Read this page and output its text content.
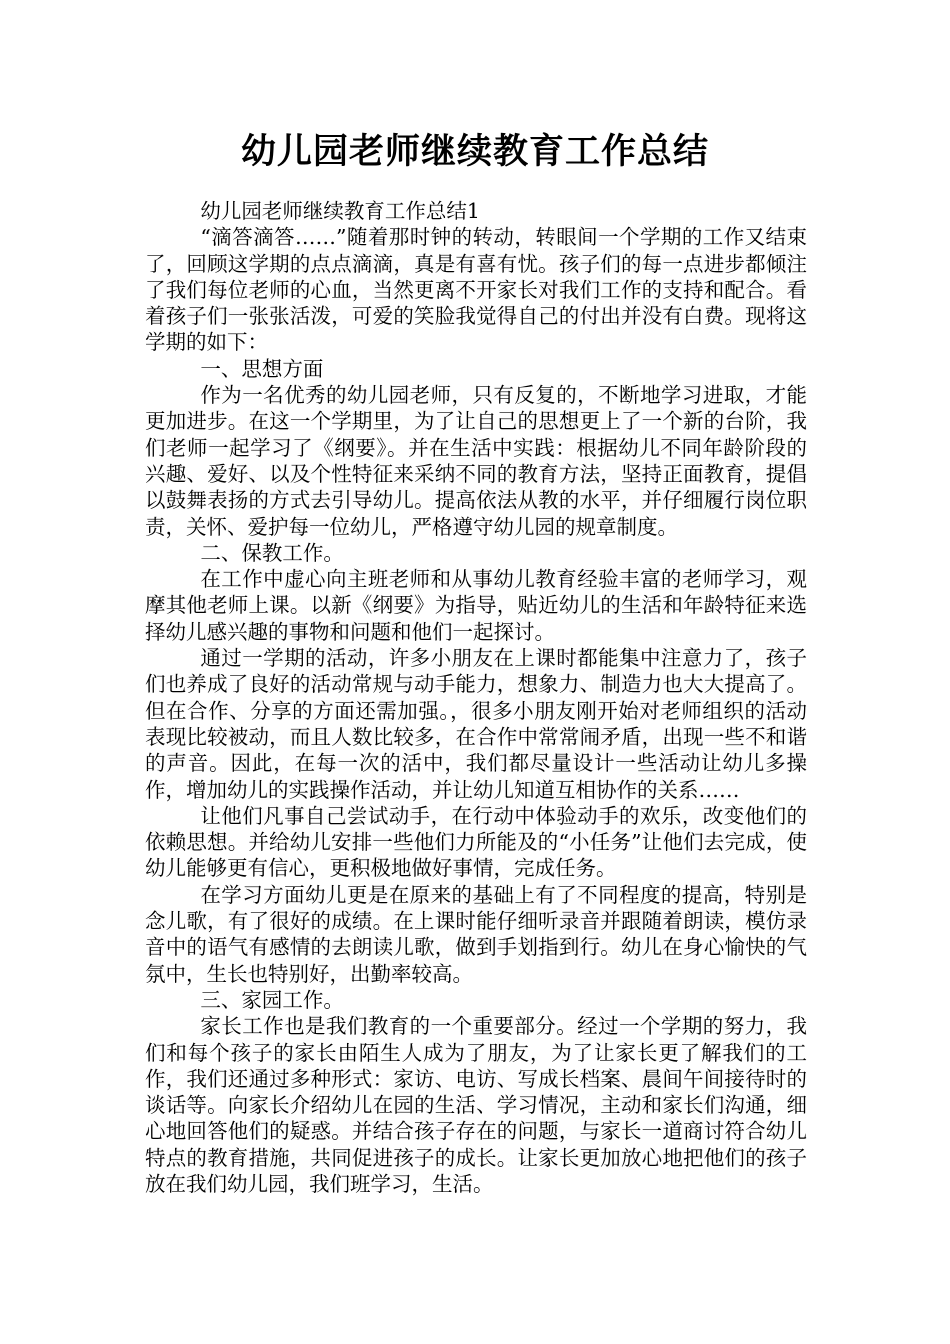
幼儿园老师继续教育工作总结

幼儿园老师继续教育工作总结1

“滴答滴答……”随着那时钟的转动，转眼间一个学期的工作又结束了，回顾这学期的点点滴滴，真是有喜有忧。孩子们的每一点进步都倾注了我们每位老师的心血，当然更离不开家长对我们工作的支持和配合。看着孩子们一张张活泼，可爱的笑脸我觉得自己的付出并没有白费。现将这学期的如下：

一、思想方面

作为一名优秀的幼儿园老师，只有反复的，不断地学习进取，才能更加进步。在这一个学期里，为了让自己的思想更上了一个新的台阶，我们老师一起学习了《纲要》。并在生活中实践：根据幼儿不同年龄阶段的兴趣、爱好、以及个性特征来采纳不同的教育方法，坚持正面教育，提倡以鼓舞表扬的方式去引导幼儿。提高依法从教的水平，并仔细履行岗位职责，关怀、爱护每一位幼儿，严格遵守幼儿园的规章制度。

二、保教工作。

在工作中虚心向主班老师和从事幼儿教育经验丰富的老师学习，观摩其他老师上课。以新《纲要》为指导，贴近幼儿的生活和年龄特征来选择幼儿感兴趣的事物和问题和他们一起探讨。

通过一学期的活动，许多小朋友在上课时都能集中注意力了，孩子们也养成了良好的活动常规与动手能力，想象力、制造力也大大提高了。但在合作、分享的方面还需加强。，很多小朋友刚开始对老师组织的活动表现比较被动，而且人数比较多，在合作中常常闹矛盾，出现一些不和谐的声音。因此，在每一次的活中，我们都尽量设计一些活动让幼儿多操作，增加幼儿的实践操作活动，并让幼儿知道互相协作的关系……

让他们凡事自己尝试动手，在行动中体验动手的欢乐，改变他们的依赖思想。并给幼儿安排一些他们力所能及的“小任务”让他们去完成，使幼儿能够更有信心，更积极地做好事情，完成任务。

在学习方面幼儿更是在原来的基础上有了不同程度的提高，特别是念儿歌，有了很好的成绩。在上课时能仔细听录音并跟随着朗读，模仿录音中的语气有感情的去朗读儿歌，做到手划指到行。幼儿在身心愉快的气氛中，生长也特别好，出勤率较高。

三、家园工作。

家长工作也是我们教育的一个重要部分。经过一个学期的努力，我们和每个孩子的家长由陌生人成为了朋友，为了让家长更了解我们的工作，我们还通过多种形式：家访、电访、写成长档案、晨间午间接待时的谈话等。向家长介绍幼儿在园的生活、学习情况，主动和家长们沟通，细心地回答他们的疑惑。并结合孩子存在的问题，与家长一道商讨符合幼儿特点的教育措施，共同促进孩子的成长。让家长更加放心地把他们的孩子放在我们幼儿园，我们班学习，生活。
